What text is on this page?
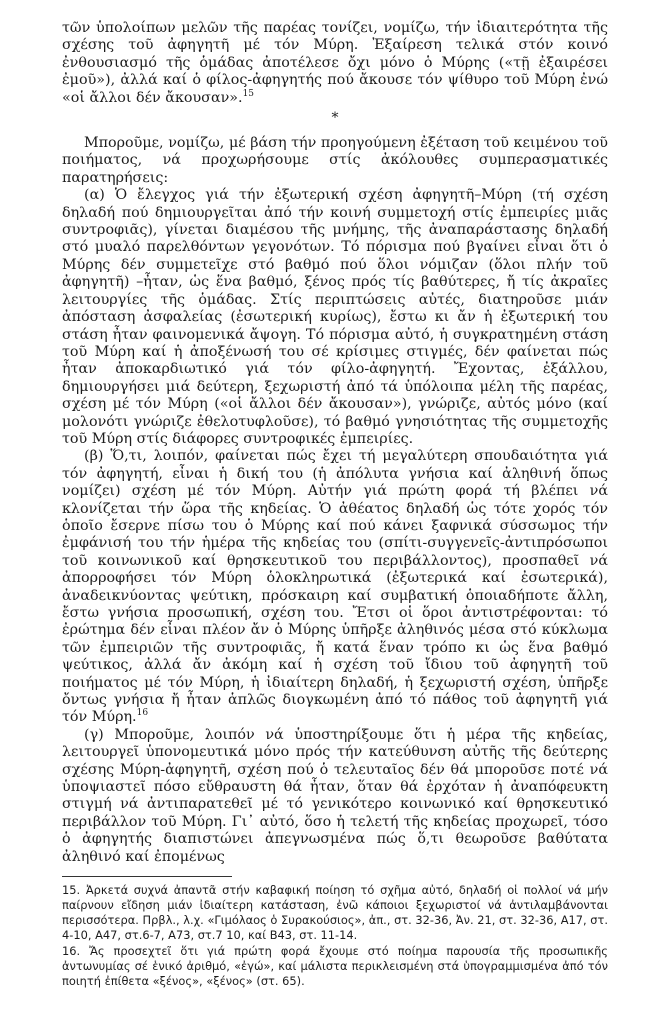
τῶν ὑπολοίπων μελῶν τῆς παρέας τονίζει, νομίζω, τήν ἰδιαιτερότητα τῆς σχέσης τοῦ ἀφηγητῆ μέ τόν Μύρη. Ἐξαίρεση τελικά στόν κοινό ἐνθουσιασμό τῆς ὁμάδας ἀποτέλεσε ὄχι μόνο ὁ Μύρης («τῇ ἐξαιρέσει ἐμοῦ»), ἀλλά καί ὁ φίλος-ἀφηγητής πού ἄκουσε τόν ψίθυρο τοῦ Μύρη ἐνώ «οἱ ἄλλοι δέν ἄκουσαν».$^{15}$

*

Μποροῦμε, νομίζω, μέ βάση τήν προηγούμενη ἐξέταση τοῦ κειμένου τοῦ ποιήματος, νά προχωρήσουμε στίς ἀκόλουθες συμπερασματικές παρατηρήσεις:

(α) Ὁ ἔλεγχος γιά τήν ἐξωτερική σχέση ἀφηγητῆ–Μύρη (τή σχέση δηλαδή πού δημιουργεῖται ἀπό τήν κοινή συμμετοχή στίς ἐμπειρίες μιᾶς συντροφιᾶς), γίνεται διαμέσου τῆς μνήμης, τῆς ἀναπαράστασης δηλαδή στό μυαλό παρελθόντων γεγονότων. Τό πόρισμα πού βγαίνει εἶναι ὅτι ὁ Μύρης δέν συμμετεῖχε στό βαθμό πού ὅλοι νόμιζαν (ὅλοι πλήν τοῦ ἀφηγητῆ) –ἦταν, ὡς ἕνα βαθμό, ξένος πρός τίς βαθύτερες, ἤ τίς ἀκραῖες λειτουργίες τῆς ὁμάδας. Στίς περιπτώσεις αὐτές, διατηροῦσε μιάν ἀπόσταση ἀσφαλείας (ἐσωτερική κυρίως), ἔστω κι ἄν ἡ ἐξωτερική του στάση ἦταν φαινομενικά ἄψογη. Τό πόρισμα αὐτό, ἡ συγκρατημένη στάση τοῦ Μύρη καί ἡ ἀποξένωσή του σέ κρίσιμες στιγμές, δέν φαίνεται πώς ἦταν ἀποκαρδιωτικό γιά τόν φίλο-ἀφηγητή. Ἔχοντας, ἐξάλλου, δημιουργήσει μιά δεύτερη, ξεχωριστή ἀπό τά ὑπόλοιπα μέλη τῆς παρέας, σχέση μέ τόν Μύρη («οἱ ἄλλοι δέν ἄκουσαν»), γνώριζε, αὐτός μόνο (καί μολονότι γνώριζε ἐθελοτυφλοῦσε), τό βαθμό γνησιότητας τῆς συμμετοχῆς τοῦ Μύρη στίς διάφορες συντροφικές ἐμπειρίες.

(β) Ὅ,τι, λοιπόν, φαίνεται πώς ἔχει τή μεγαλύτερη σπουδαιότητα γιά τόν ἀφηγητή, εἶναι ἡ δική του (ἡ ἀπόλυτα γνήσια καί ἀληθινή ὅπως νομίζει) σχέση μέ τόν Μύρη. Αὐτήν γιά πρώτη φορά τή βλέπει νά κλονίζεται τήν ὥρα τῆς κηδείας. Ὁ ἀθέατος δηλαδή ὡς τότε χορός τόν ὁποῖο ἔσερνε πίσω του ὁ Μύρης καί πού κάνει ξαφνικά σύσσωμος τήν ἐμφάνισή του τήν ἡμέρα τῆς κηδείας του (σπίτι-συγγενεῖς-ἀντιπρόσωποι τοῦ κοινωνικοῦ καί θρησκευτικοῦ του περιβάλλοντος), προσπαθεῖ νά ἀπορροφήσει τόν Μύρη ὁλοκληρωτικά (ἐξωτερικά καί ἐσωτερικά), ἀναδεικνύοντας ψεύτικη, πρόσκαιρη καί συμβατική ὁποιαδήποτε ἄλλη, ἔστω γνήσια προσωπική, σχέση του. Ἔτσι οἱ ὅροι ἀντιστρέφονται: τό ἐρώτημα δέν εἶναι πλέον ἄν ὁ Μύρης ὑπῆρξε ἀληθινός μέσα στό κύκλωμα τῶν ἐμπειριῶν τῆς συντροφιᾶς, ἤ κατά ἕναν τρόπο κι ὡς ἕνα βαθμό ψεύτικος, ἀλλά ἄν ἀκόμη καί ἡ σχέση τοῦ ἴδιου τοῦ ἀφηγητῆ τοῦ ποιήματος μέ τόν Μύρη, ἡ ἰδιαίτερη δηλαδή, ἡ ξεχωριστή σχέση, ὑπῆρξε ὄντως γνήσια ἤ ἦταν ἁπλῶς διογκωμένη ἀπό τό πάθος τοῦ ἀφηγητῆ γιά τόν Μύρη.$^{16}$

(γ) Μποροῦμε, λοιπόν νά ὑποστηρίξουμε ὅτι ἡ μέρα τῆς κηδείας, λειτουργεῖ ὑπονομευτικά μόνο πρός τήν κατεύθυνση αὐτῆς τῆς δεύτερης σχέσης Μύρη-ἀφηγητῆ, σχέση πού ὁ τελευταῖος δέν θά μποροῦσε ποτέ νά ὑποψιαστεῖ πόσο εὔθραυστη θά ἦταν, ὅταν θά ἐρχόταν ἡ ἀναπόφευκτη στιγμή νά ἀντιπαρατεθεῖ μέ τό γενικότερο κοινωνικό καί θρησκευτικό περιβάλλον τοῦ Μύρη. Γι᾽ αὐτό, ὅσο ἡ τελετή τῆς κηδείας προχωρεῖ, τόσο ὁ ἀφηγητής διαπιστώνει ἀπεγνωσμένα πώς ὅ,τι θεωροῦσε βαθύτατα ἀληθινό καί ἐπομένως

15. Ἀρκετά συχνά ἀπαντᾶ στήν καβαφική ποίηση τό σχῆμα αὐτό, δηλαδή οἱ πολλοί νά μήν παίρνουν εἴδηση μιάν ἰδιαίτερη κατάσταση, ἐνῶ κάποιοι ξεχωριστοί νά ἀντιλαμβάνονται περισσότερα. Πρβλ., λ.χ. «Γιμόλαος ὁ Συρακούσιος», ἀπ., στ. 32-36, Ἀν. 21, στ. 32-36, Α17, στ. 4-10, Α47, στ.6-7, Α73, στ.7 10, καί Β43, στ. 11-14.

16. Ἄς προσεχτεῖ ὅτι γιά πρώτη φορά ἔχουμε στό ποίημα παρουσία τῆς προσωπικῆς ἀντωνυμίας σέ ἑνικό ἀριθμό, «ἐγώ», καί μάλιστα περικλεισμένη στά ὑπογραμμισμένα ἀπό τόν ποιητή ἐπίθετα «ξένος», «ξένος» (στ. 65).
